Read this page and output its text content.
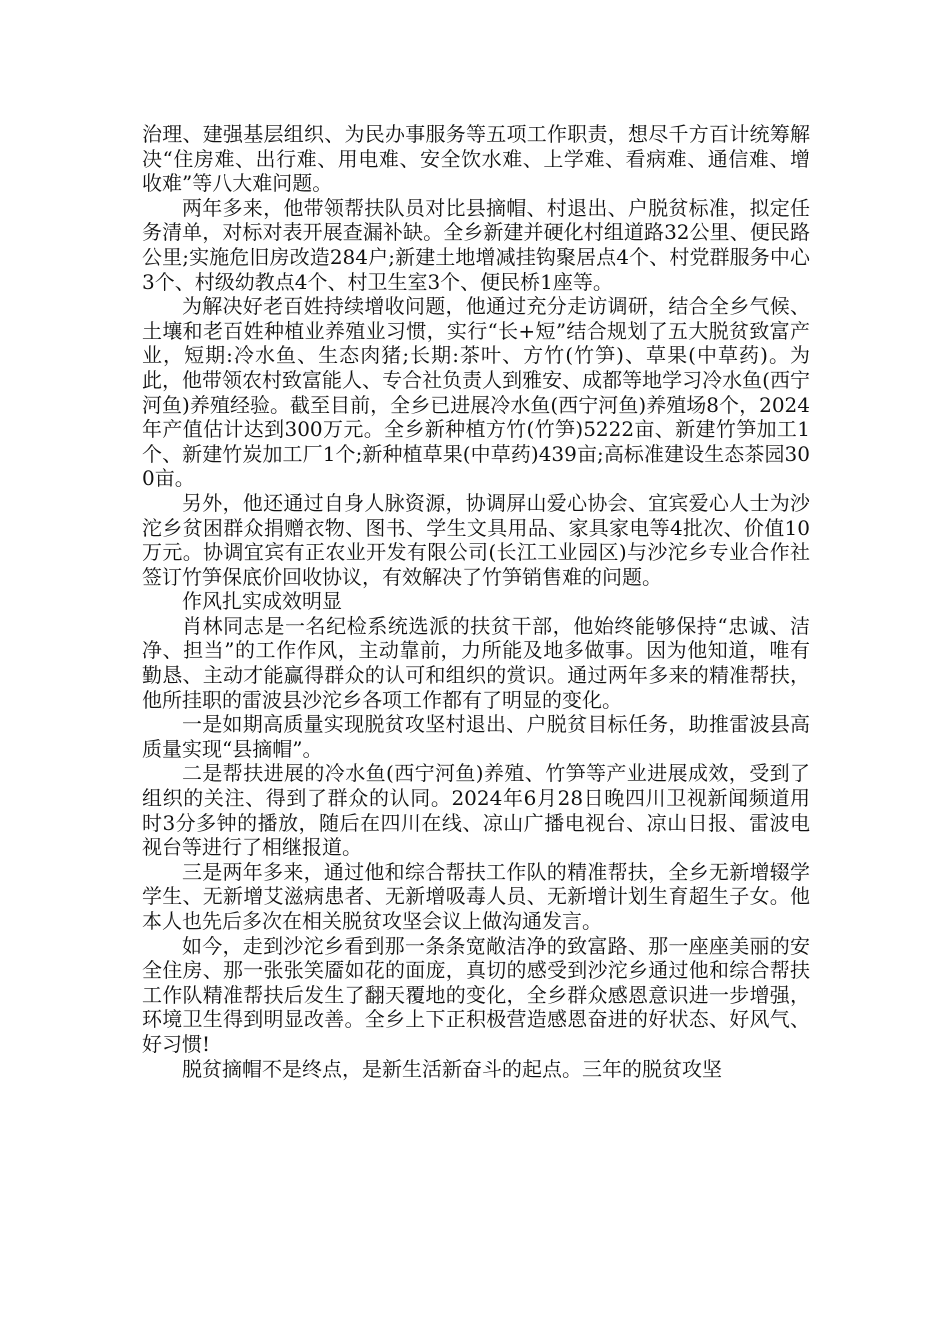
治理、建强基层组织、为民办事服务等五项工作职责，想尽千方百计统筹解决“住房难、出行难、用电难、安全饮水难、上学难、看病难、通信难、增收难”等八大难问题。

两年多来，他带领帮扶队员对比县摘帽、村退出、户脱贫标准，拟定任务清单，对标对表开展查漏补缺。全乡新建并硬化村组道路32公里、便民路公里;实施危旧房改造284户;新建土地增减挂钩聚居点4个、村党群服务中心3个、村级幼教点4个、村卫生室3个、便民桥1座等。

为解决好老百姓持续增收问题，他通过充分走访调研，结合全乡气候、土壤和老百姓种植业养殖业习惯，实行“长+短”结合规划了五大脱贫致富产业，短期:冷水鱼、生态肉猪;长期:茶叶、方竹(竹笋)、草果(中草药)。为此，他带领农村致富能人、专合社负责人到雅安、成都等地学习冷水鱼(西宁河鱼)养殖经验。截至目前，全乡已进展冷水鱼(西宁河鱼)养殖场8个，2024年产值估计达到300万元。全乡新种植方竹(竹笋)5222亩、新建竹笋加工1个、新建竹炭加工厂1个;新种植草果(中草药)439亩;高标准建设生态茶园300亩。

另外，他还通过自身人脉资源，协调屏山爱心协会、宜宾爱心人士为沙沱乡贫困群众捐赠衣物、图书、学生文具用品、家具家电等4批次、价值10万元。协调宜宾有正农业开发有限公司(长江工业园区)与沙沱乡专业合作社签订竹笋保底价回收协议，有效解决了竹笋销售难的问题。

作风扎实成效明显

肖林同志是一名纪检系统选派的扶贫干部，他始终能够保持“忠诚、洁净、担当”的工作作风，主动靠前，力所能及地多做事。因为他知道，唯有勤恳、主动才能赢得群众的认可和组织的赏识。通过两年多来的精准帮扶，他所挂职的雷波县沙沱乡各项工作都有了明显的变化。

一是如期高质量实现脱贫攻坚村退出、户脱贫目标任务，助推雷波县高质量实现“县摘帽”。

二是帮扶进展的冷水鱼(西宁河鱼)养殖、竹笋等产业进展成效，受到了组织的关注、得到了群众的认同。2024年6月28日晚四川卫视新闻频道用时3分多钟的播放，随后在四川在线、凉山广播电视台、凉山日报、雷波电视台等进行了相继报道。

三是两年多来，通过他和综合帮扶工作队的精准帮扶，全乡无新增辍学学生、无新增艾滋病患者、无新增吸毒人员、无新增计划生育超生子女。他本人也先后多次在相关脱贫攻坚会议上做沟通发言。

如今，走到沙沱乡看到那一条条宽敞洁净的致富路、那一座座美丽的安全住房、那一张张笑靥如花的面庞，真切的感受到沙沱乡通过他和综合帮扶工作队精准帮扶后发生了翻天覆地的变化，全乡群众感恩意识进一步增强，环境卫生得到明显改善。全乡上下正积极营造感恩奋进的好状态、好风气、好习惯!

脱贫摘帽不是终点，是新生活新奋斗的起点。三年的脱贫攻坚
